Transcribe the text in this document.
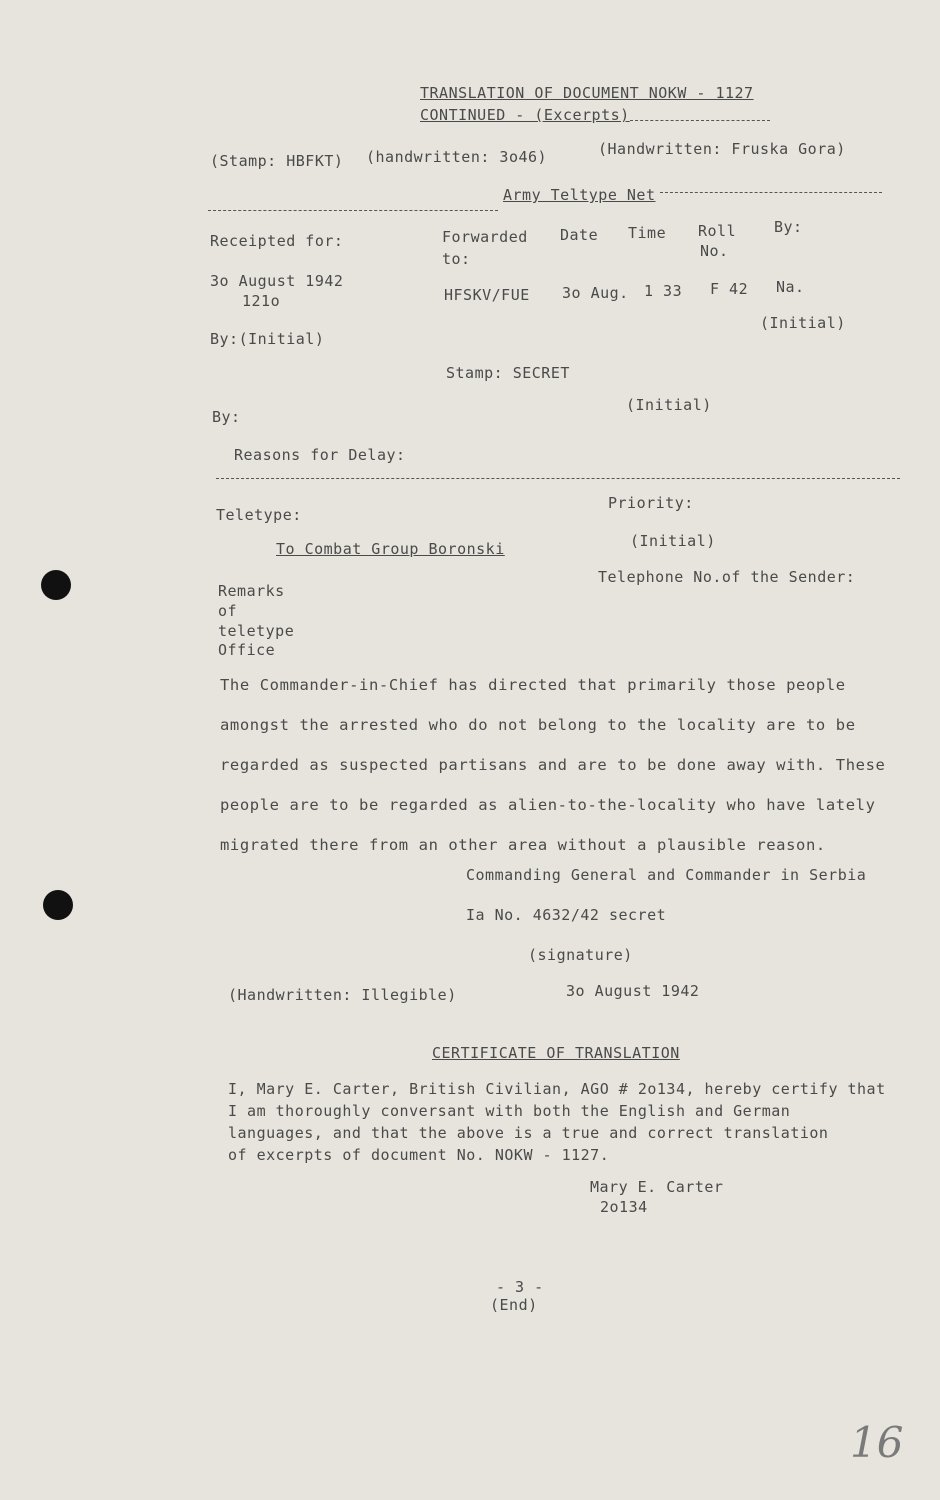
TRANSLATION OF DOCUMENT NOKW - 1127
CONTINUED - (Excerpts)
(Stamp: HBFKT) (handwritten: 3o46)	(Handwritten: Fruska Gora)
Army Teltype Net
Receipted for:
3o August 1942
121o
By:(Initial)
Forwarded
to:
Date Time Roll
No.
By:
HFSKV/FUE 3o Aug. 1 33 F 42 Na.
(Initial)
Stamp: SECRET
(Initial)
By:
Reasons for Delay:
Teletype:
To Combat Group Boronski
Priority:
(Initial)
Telephone No.of the Sender:
Remarks
of
teletype
Office
The Commander-in-Chief has directed that primarily those people
amongst the arrested who do not belong to the locality are to be
regarded as suspected partisans and are to be done away with. These
people are to be regarded as alien-to-the-locality who have lately
migrated there from an other area without a plausible reason.
Commanding General and Commander in Serbia
Ia No. 4632/42 secret
(signature)
(Handwritten: Illegible)	3o August 1942
CERTIFICATE OF TRANSLATION
I, Mary E. Carter, British Civilian, AGO # 2o134, hereby certify that
I am thoroughly conversant with both the English and German
languages, and that the above is a true and correct translation
of excerpts of document No. NOKW - 1127.
Mary E. Carter
2o134
- 3 -
(End)
16
